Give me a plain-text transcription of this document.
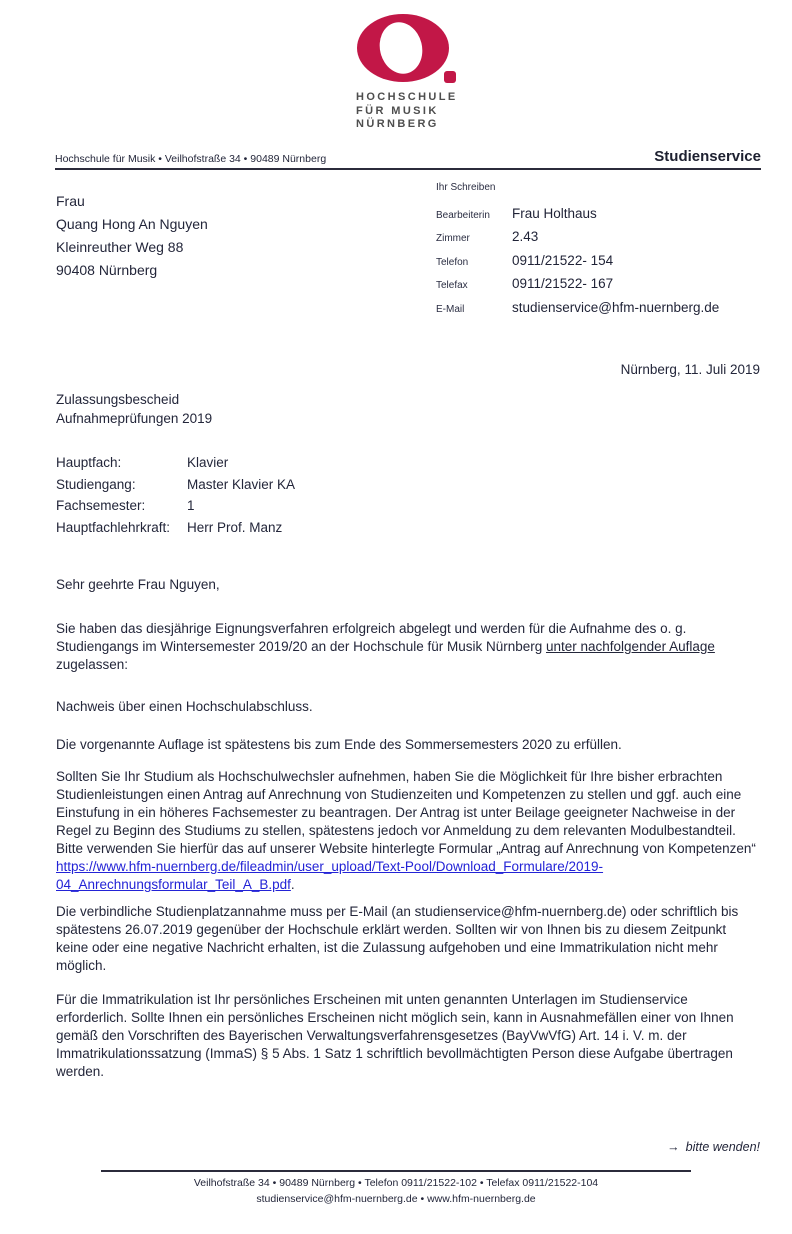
HOCHSCHULE
FÜR MUSIK
NÜRNBERG
Hochschule für Musik • Veilhofstraße 34 • 90489 Nürnberg	Studienservice
Frau
Quang Hong An Nguyen
Kleinreuther Weg 88
90408 Nürnberg
Ihr Schreiben
Bearbeiterin	Frau Holthaus
Zimmer	2.43
Telefon	0911/21522- 154
Telefax	0911/21522- 167
E-Mail	studienservice@hfm-nuernberg.de
Nürnberg, 11. Juli 2019
Zulassungsbescheid
Aufnahmeprüfungen 2019
Hauptfach:	Klavier
Studiengang:	Master Klavier KA
Fachsemester:	1
Hauptfachlehrkraft:	Herr Prof. Manz
Sehr geehrte Frau Nguyen,
Sie haben das diesjährige Eignungsverfahren erfolgreich abgelegt und werden für die Aufnahme des o. g. Studiengangs im Wintersemester 2019/20 an der Hochschule für Musik Nürnberg unter nachfolgender Auflage zugelassen:
Nachweis über einen Hochschulabschluss.
Die vorgenannte Auflage ist spätestens bis zum Ende des Sommersemesters 2020 zu erfüllen.
Sollten Sie Ihr Studium als Hochschulwechsler aufnehmen, haben Sie die Möglichkeit für Ihre bisher erbrachten Studienleistungen einen Antrag auf Anrechnung von Studienzeiten und Kompetenzen zu stellen und ggf. auch eine Einstufung in ein höheres Fachsemester zu beantragen. Der Antrag ist unter Beilage geeigneter Nachweise in der Regel zu Beginn des Studiums zu stellen, spätestens jedoch vor Anmeldung zu dem relevanten Modulbestandteil. Bitte verwenden Sie hierfür das auf unserer Website hinterlegte Formular „Antrag auf Anrechnung von Kompetenzen“ https://www.hfm-nuernberg.de/fileadmin/user_upload/Text-Pool/Download_Formulare/2019-04_Anrechnungsformular_Teil_A_B.pdf.
Die verbindliche Studienplatzannahme muss per E-Mail (an studienservice@hfm-nuernberg.de) oder schriftlich bis spätestens 26.07.2019 gegenüber der Hochschule erklärt werden. Sollten wir von Ihnen bis zu diesem Zeitpunkt keine oder eine negative Nachricht erhalten, ist die Zulassung aufgehoben und eine Immatrikulation nicht mehr möglich.
Für die Immatrikulation ist Ihr persönliches Erscheinen mit unten genannten Unterlagen im Studienservice erforderlich. Sollte Ihnen ein persönliches Erscheinen nicht möglich sein, kann in Ausnahmefällen einer von Ihnen gemäß den Vorschriften des Bayerischen Verwaltungsverfahrensgesetzes (BayVwVfG) Art. 14 i. V. m. der Immatrikulationssatzung (ImmaS) § 5 Abs. 1 Satz 1 schriftlich bevollmächtigten Person diese Aufgabe übertragen werden.
→ bitte wenden!
Veilhofstraße 34 • 90489 Nürnberg • Telefon 0911/21522-102 • Telefax 0911/21522-104
studienservice@hfm-nuernberg.de • www.hfm-nuernberg.de
